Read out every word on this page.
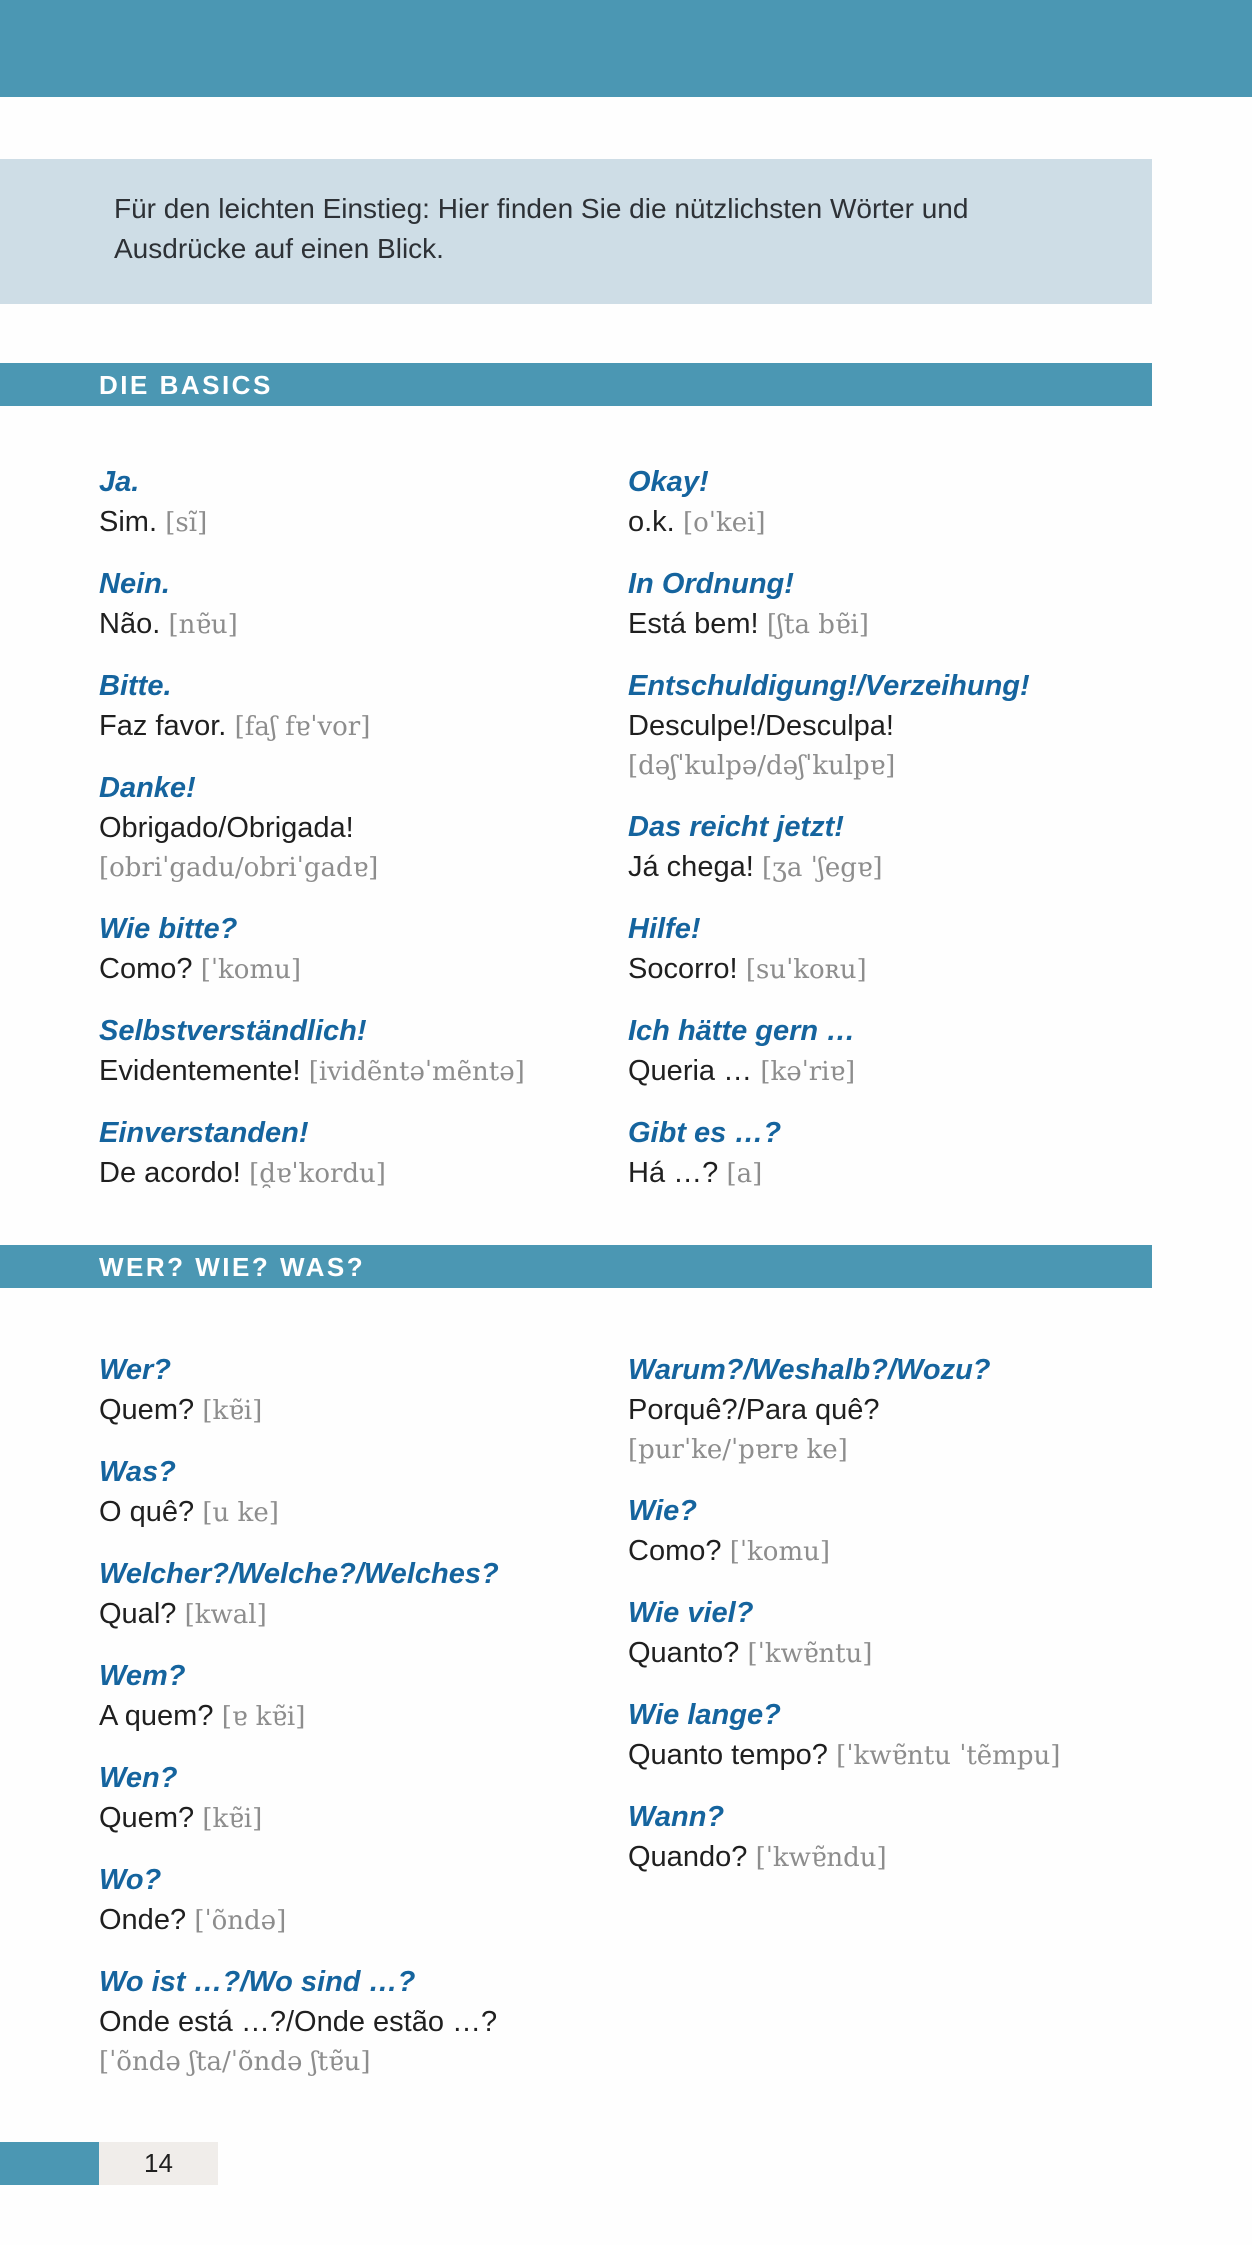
Für den leichten Einstieg: Hier finden Sie die nützlichsten Wörter und Ausdrücke auf einen Blick.

DIE BASICS
Ja.
Sim. [sĩ]
Nein.
Não. [nɐ̃u]
Bitte.
Faz favor. [faʃ fɐˈvor]
Danke!
Obrigado/Obrigada!
[obriˈgadu/obriˈgadɐ]
Wie bitte?
Como? [ˈkomu]
Selbstverständlich!
Evidentemente! [ividẽntəˈmẽntə]
Einverstanden!
De acordo! [d̯ɐˈkordu]
Okay!
o.k. [oˈkei]
In Ordnung!
Está bem! [ʃta bɐ̃i]
Entschuldigung!/Verzeihung!
Desculpe!/Desculpa!
[dəʃˈkulpə/dəʃˈkulpɐ]
Das reicht jetzt!
Já chega! [ʒa ˈʃegɐ]
Hilfe!
Socorro! [suˈkoʀu]
Ich hätte gern …
Queria … [kəˈriɐ]
Gibt es …?
Há …? [a]
WER? WIE? WAS?
Wer?
Quem? [kɐ̃i]
Was?
O quê? [u ke]
Welcher?/Welche?/Welches?
Qual? [kwal]
Wem?
A quem? [ɐ kɐ̃i]
Wen?
Quem? [kɐ̃i]
Wo?
Onde? [ˈõndə]
Wo ist …?/Wo sind …?
Onde está …?/Onde estão …?
[ˈõndə ʃta/ˈõndə ʃtɐ̃u]
Warum?/Weshalb?/Wozu?
Porquê?/Para quê?
[purˈke/ˈpɐrɐ ke]
Wie?
Como? [ˈkomu]
Wie viel?
Quanto? [ˈkwɐ̃ntu]
Wie lange?
Quanto tempo? [ˈkwɐ̃ntu ˈtẽmpu]
Wann?
Quando? [ˈkwɐ̃ndu]
14
